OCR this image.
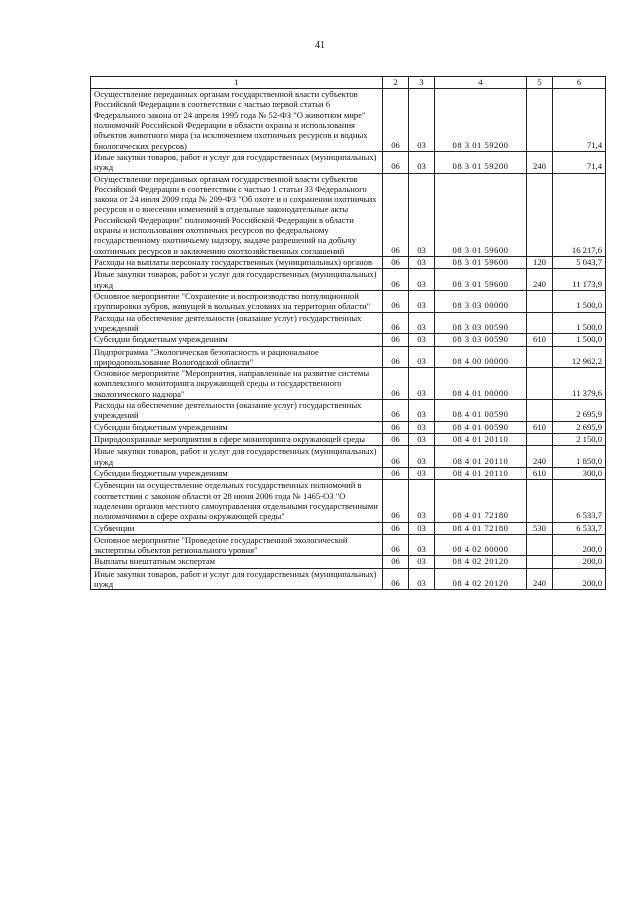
41
1	2	3	4	5	6
Осуществление переданных органам государственной власти субъектов Российской Федерации в соответствии с частью первой статьи 6 Федерального закона от 24 апреля 1995 года № 52-ФЗ "О животном мире" полномочий Российской Федерации в области охраны и использования объектов животного мира (за исключением охотничьих ресурсов и водных биологических ресурсов)	06	03	08 3 01 59200		71,4
Иные закупки товаров, работ и услуг для государственных (муниципальных) нужд	06	03	08 3 01 59200	240	71,4
Осуществление переданных органам государственной власти субъектов Российской Федерации в соответствии с частью 1 статьи 33 Федерального закона от 24 июля 2009 года № 209-ФЗ "Об охоте и о сохранении охотничьих ресурсов и о внесении изменений в отдельные законодательные акты Российской Федерации" полномочий Российской Федерации в области охраны и использования охотничьих ресурсов по федеральному государственному охотничьему надзору, выдаче разрешений на добычу охотничьих ресурсов и заключению охотхозяйственных соглашений	06	03	08 3 01 59600		16 217,6
Расходы на выплаты персоналу государственных (муниципальных) органов	06	03	08 3 01 59600	120	5 043,7
Иные закупки товаров, работ и услуг для государственных (муниципальных) нужд	06	03	08 3 01 59600	240	11 173,9
Основное мероприятие "Сохранение и воспроизводство популяционной группировки зубров, живущей в вольных условиях на территории области"	06	03	08 3 03 00000		1 500,0
Расходы на обеспечение деятельности (оказание услуг) государственных учреждений	06	03	08 3 03 00590		1 500,0
Субсидии бюджетным учреждениям	06	03	08 3 03 00590	610	1 500,0
Подпрограмма "Экологическая безопасность и рациональное природопользование Вологодской области"	06	03	08 4 00 00000		12 962,2
Основное мероприятие "Мероприятия, направленные на развитие системы комплексного мониторинга окружающей среды и государственного экологического надзора"	06	03	08 4 01 00000		11 379,6
Расходы на обеспечение деятельности (оказание услуг) государственных учреждений	06	03	08 4 01 00590		2 695,9
Субсидии бюджетным учреждениям	06	03	08 4 01 00590	610	2 695,9
Природоохранные мероприятия в сфере мониторинга окружающей среды	06	03	08 4 01 20110		2 150,0
Иные закупки товаров, работ и услуг для государственных (муниципальных) нужд	06	03	08 4 01 20110	240	1 850,0
Субсидии бюджетным учреждениям	06	03	08 4 01 20110	610	300,0
Субвенции на осуществление отдельных государственных полномочий в соответствии с законом области от 28 июня 2006 года № 1465-ОЗ "О наделении органов местного самоуправления отдельными государственными полномочиями в сфере охраны окружающей среды"	06	03	08 4 01 72180		6 533,7
Субвенции	06	03	08 4 01 72180	530	6 533,7
Основное мероприятие "Проведение государственной экологической экспертизы объектов регионального уровня"	06	03	08 4 02 00000		200,0
Выплаты внештатным экспертам	06	03	08 4 02 20120		200,0
Иные закупки товаров, работ и услуг для государственных (муниципальных) нужд	06	03	08 4 02 20120	240	200,0
